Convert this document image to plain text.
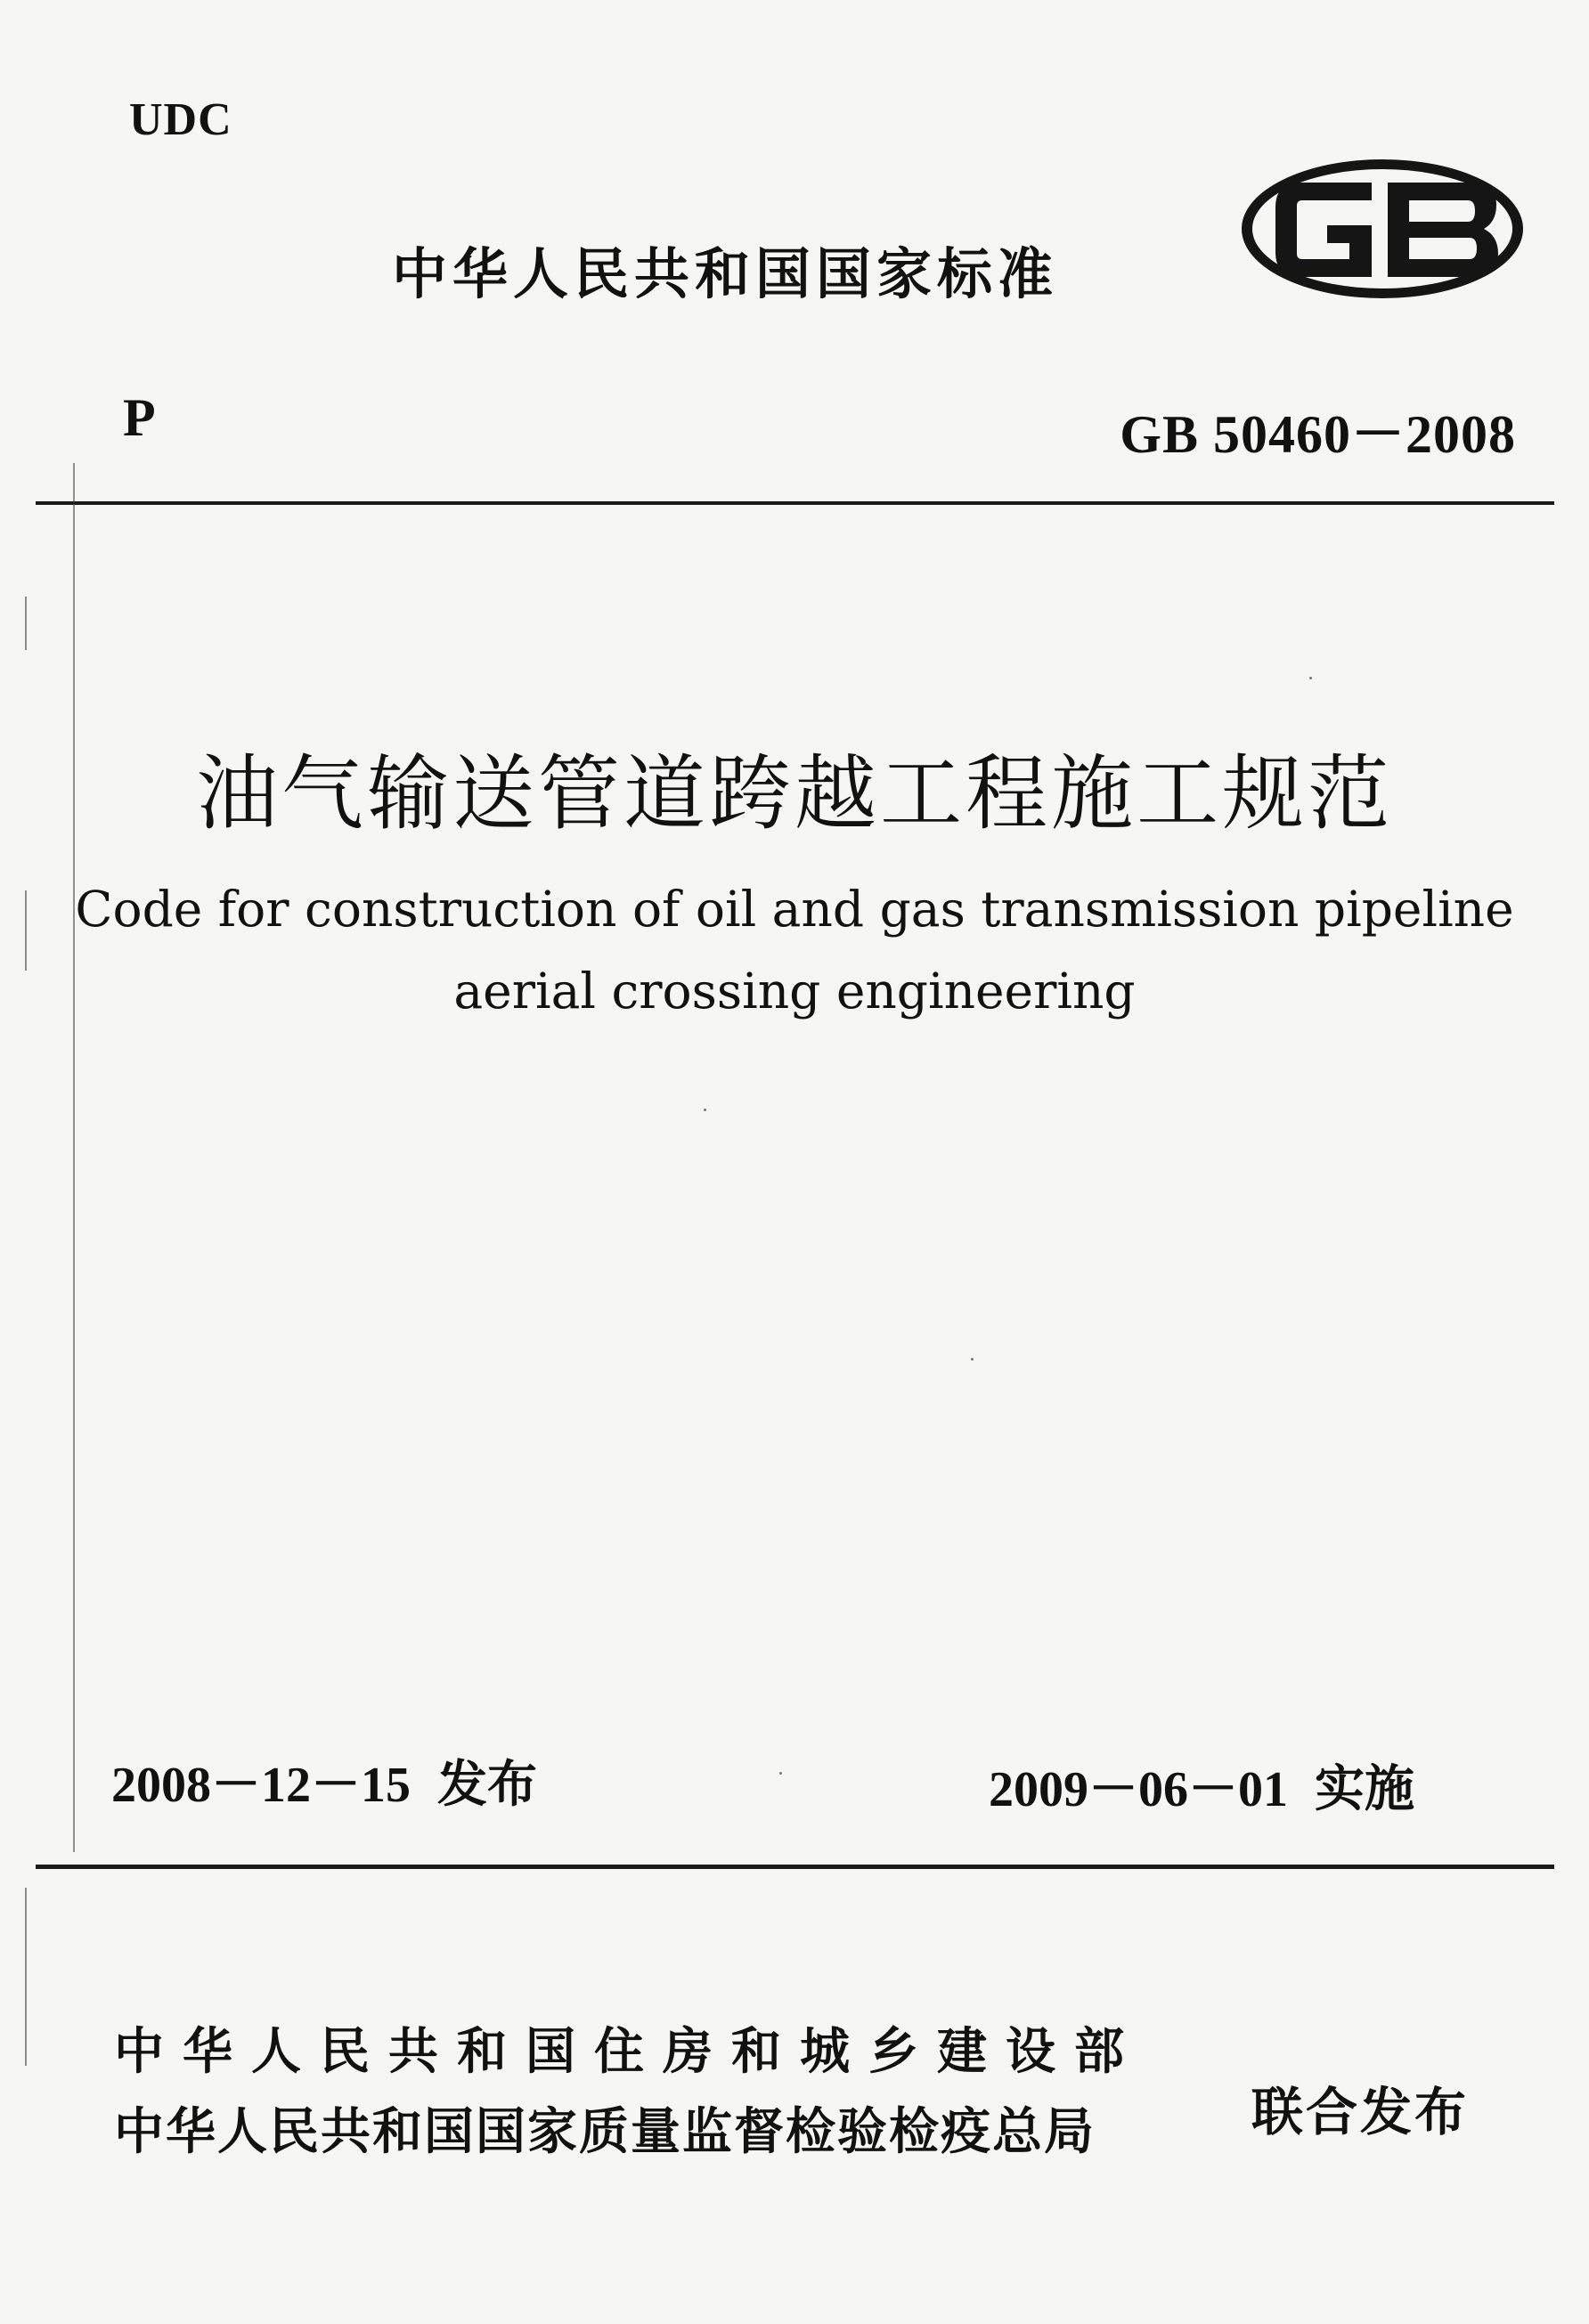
UDC
中华人民共和国国家标准
P	GB 50460－2008
油气输送管道跨越工程施工规范
Code for construction of oil and gas transmission pipeline
aerial crossing engineering
2008－12－15 发布	2009－06－01 实施
中华人民共和国住房和城乡建设部
中华人民共和国国家质量监督检验检疫总局	联合发布
